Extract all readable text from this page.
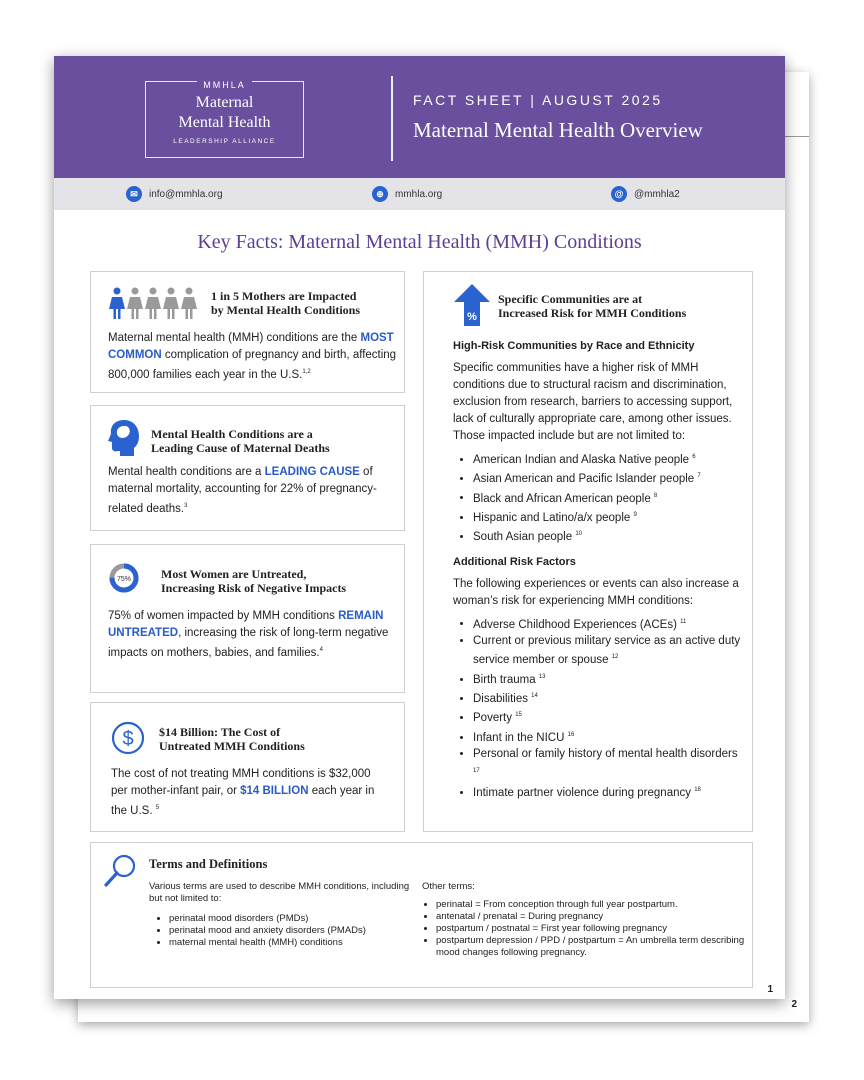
2
MMHLA
Maternal
Mental Health
LEADERSHIP ALLIANCE
FACT SHEET | AUGUST 2025
Maternal Mental Health Overview
✉	info@mmhla.org	⊕	mmhla.org	@	@mmhla2
Key Facts: Maternal Mental Health (MMH) Conditions
1 in 5 Mothers are Impacted
by Mental Health Conditions
Maternal mental health (MMH) conditions are the MOST COMMON complication of pregnancy and birth, affecting 800,000 families each year in the U.S.$^{1,2}$
Mental Health Conditions are a
Leading Cause of Maternal Deaths
Mental health conditions are a LEADING CAUSE of maternal mortality, accounting for 22% of pregnancy-related deaths.$^3$
75% Most Women are Untreated,
Increasing Risk of Negative Impacts
75% of women impacted by MMH conditions REMAIN UNTREATED, increasing the risk of long-term negative impacts on mothers, babies, and families.$^4$
$ $14 Billion: The Cost of
Untreated MMH Conditions
The cost of not treating MMH conditions is $32,000 per mother-infant pair, or $14 BILLION each year in the U.S. $^5$
%
Specific Communities are at
Increased Risk for MMH Conditions
High-Risk Communities by Race and Ethnicity
Specific communities have a higher risk of MMH conditions due to structural racism and discrimination, exclusion from research, barriers to accessing support, lack of culturally appropriate care, among other issues. Those impacted include but are not limited to:
• American Indian and Alaska Native people $^6$
• Asian American and Pacific Islander people $^7$
• Black and African American people $^8$
• Hispanic and Latino/a/x people $^9$
• South Asian people $^{10}$
Additional Risk Factors
The following experiences or events can also increase a woman’s risk for experiencing MMH conditions:
• Adverse Childhood Experiences (ACEs) $^{11}$
• Current or previous military service as an active duty service member or spouse $^{12}$
• Birth trauma $^{13}$
• Disabilities $^{14}$
• Poverty $^{15}$
• Infant in the NICU $^{16}$
• Personal or family history of mental health disorders $^{17}$
• Intimate partner violence during pregnancy $^{18}$
Terms and Definitions
Various terms are used to describe MMH conditions, including but not limited to:
• perinatal mood disorders (PMDs)
• perinatal mood and anxiety disorders (PMADs)
• maternal mental health (MMH) conditions
Other terms:
• perinatal = From conception through full year postpartum.
• antenatal / prenatal = During pregnancy
• postpartum / postnatal = First year following pregnancy
• postpartum depression / PPD / postpartum = An umbrella term describing mood changes following pregnancy.
1
